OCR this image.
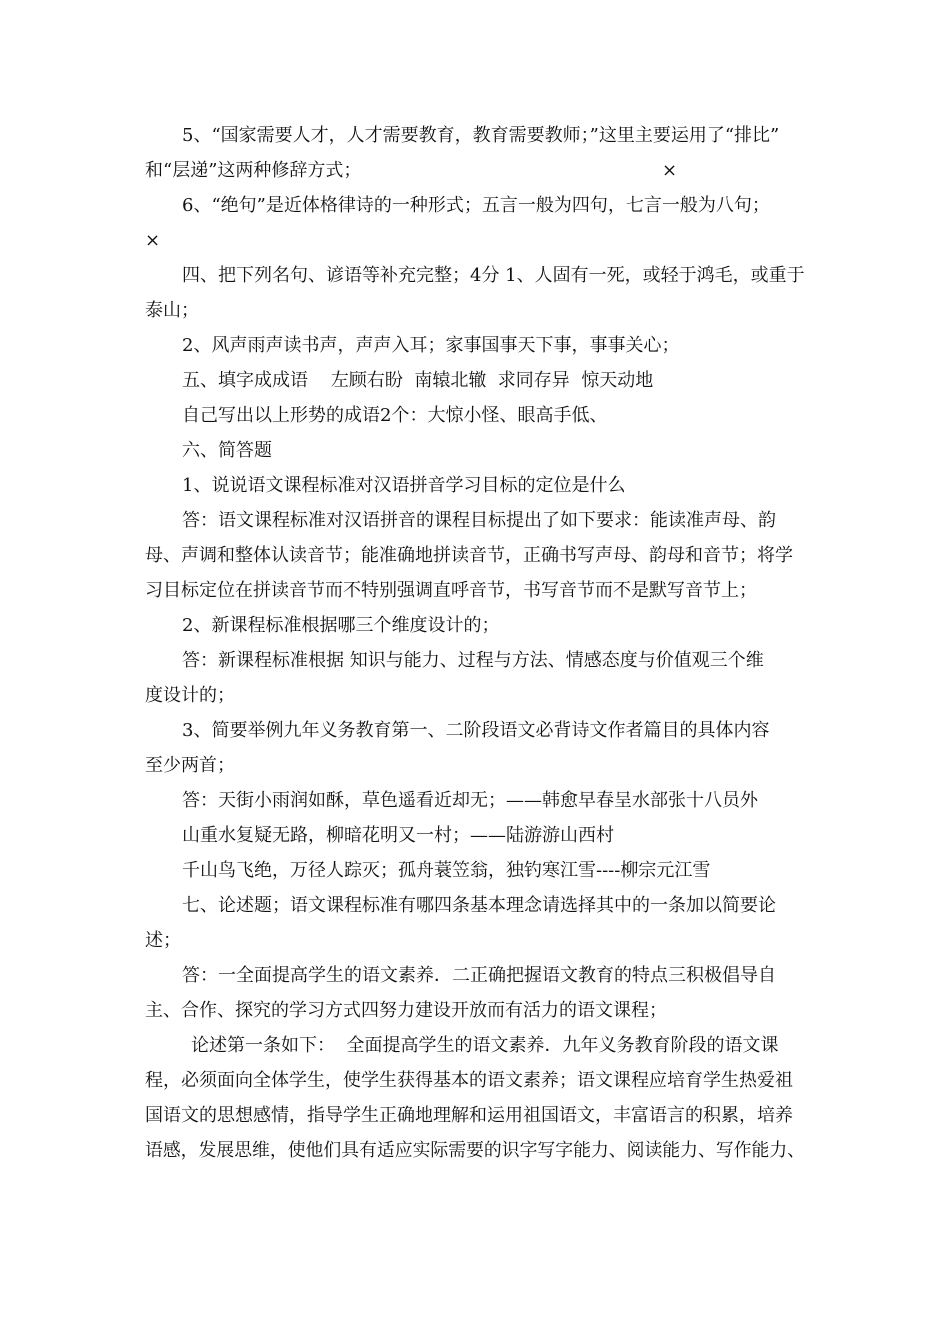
5、“国家需要人才，人才需要教育，教育需要教师；”这里主要运用了“排比”
和“层递”这两种修辞方式；	×
6、“绝句”是近体格律诗的一种形式；五言一般为四句，七言一般为八句；
×
四、把下列名句、谚语等补充完整；4分 1、人固有一死，或轻于鸿毛，或重于
泰山；
2、风声雨声读书声，声声入耳；家事国事天下事，事事关心；
五、填字成成语    左顾右盼  南辕北辙  求同存异  惊天动地
自己写出以上形势的成语2个：大惊小怪、眼高手低、
六、简答题
1、说说语文课程标准对汉语拼音学习目标的定位是什么
答：语文课程标准对汉语拼音的课程目标提出了如下要求：能读准声母、韵
母、声调和整体认读音节；能准确地拼读音节，正确书写声母、韵母和音节；将学
习目标定位在拼读音节而不特别强调直呼音节，书写音节而不是默写音节上；
2、新课程标准根据哪三个维度设计的；
答：新课程标准根据 知识与能力、过程与方法、情感态度与价值观三个维
度设计的；
3、简要举例九年义务教育第一、二阶段语文必背诗文作者篇目的具体内容
至少两首；
答：天街小雨润如酥，草色遥看近却无；——韩愈早春呈水部张十八员外
山重水复疑无路，柳暗花明又一村；——陆游游山西村
千山鸟飞绝，万径人踪灭；孤舟蓑笠翁，独钓寒江雪----柳宗元江雪
七、论述题；语文课程标准有哪四条基本理念请选择其中的一条加以简要论
述；
答：一全面提高学生的语文素养．二正确把握语文教育的特点三积极倡导自
主、合作、探究的学习方式四努力建设开放而有活力的语文课程；
论述第一条如下：  全面提高学生的语文素养．九年义务教育阶段的语文课
程，必须面向全体学生，使学生获得基本的语文素养；语文课程应培育学生热爱祖
国语文的思想感情，指导学生正确地理解和运用祖国语文，丰富语言的积累，培养
语感，发展思维，使他们具有适应实际需要的识字写字能力、阅读能力、写作能力、
